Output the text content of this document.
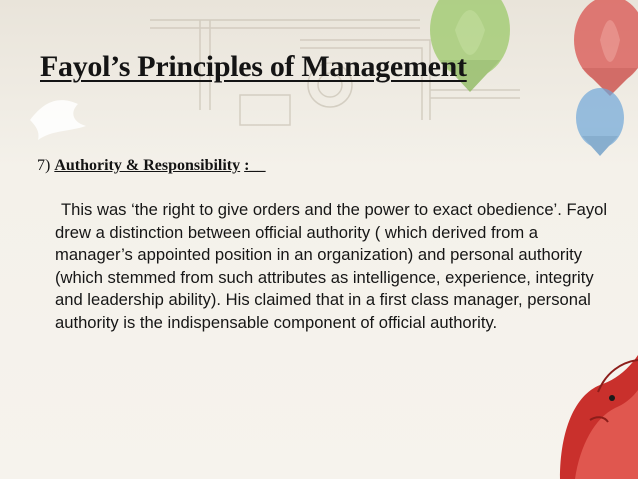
Fayol’s Principles of Management

7) Authority & Responsibility :__

This was ‘the right to give orders and the power to exact obedience’. Fayol drew a distinction between official authority ( which derived from a manager’s appointed position in an organization) and personal authority (which stemmed from such attributes as intelligence, experience, integrity and leadership ability). His claimed that in a first class manager, personal authority is the indispensable component of official authority.
